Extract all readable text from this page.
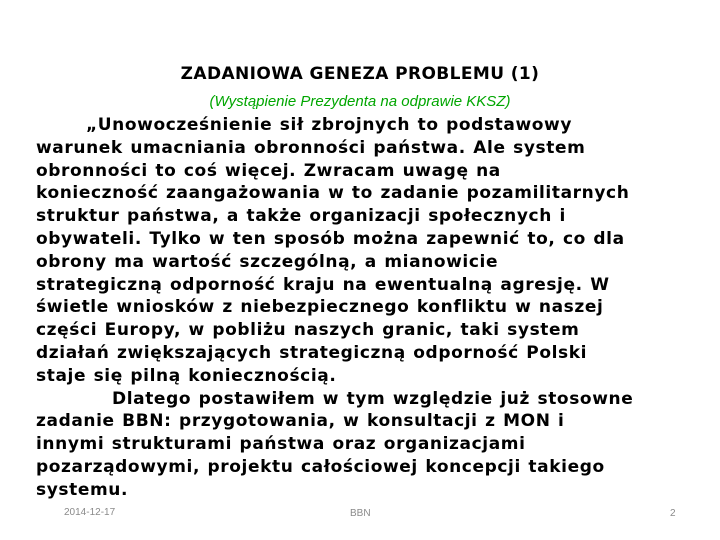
ZADANIOWA GENEZA PROBLEMU (1)
(Wystąpienie Prezydenta na odprawie KKSZ)
„Unowocześnienie sił zbrojnych to podstawowy
warunek umacniania obronności państwa. Ale system
obronności to coś więcej. Zwracam uwagę na
konieczność zaangażowania w to zadanie pozamilitarnych
struktur państwa, a także organizacji społecznych i
obywateli. Tylko w ten sposób można zapewnić to, co dla
obrony ma wartość szczególną, a mianowicie
strategiczną odporność kraju na ewentualną agresję. W
świetle wniosków z niebezpiecznego konfliktu w naszej
części Europy, w pobliżu naszych granic, taki system
działań zwiększających strategiczną odporność Polski
staje się pilną koniecznością.
Dlatego postawiłem w tym względzie już stosowne
zadanie BBN: przygotowania, w konsultacji z MON i
innymi strukturami państwa oraz organizacjami
pozarządowymi, projektu całościowej koncepcji takiego
systemu.
2014-12-17	BBN	2
